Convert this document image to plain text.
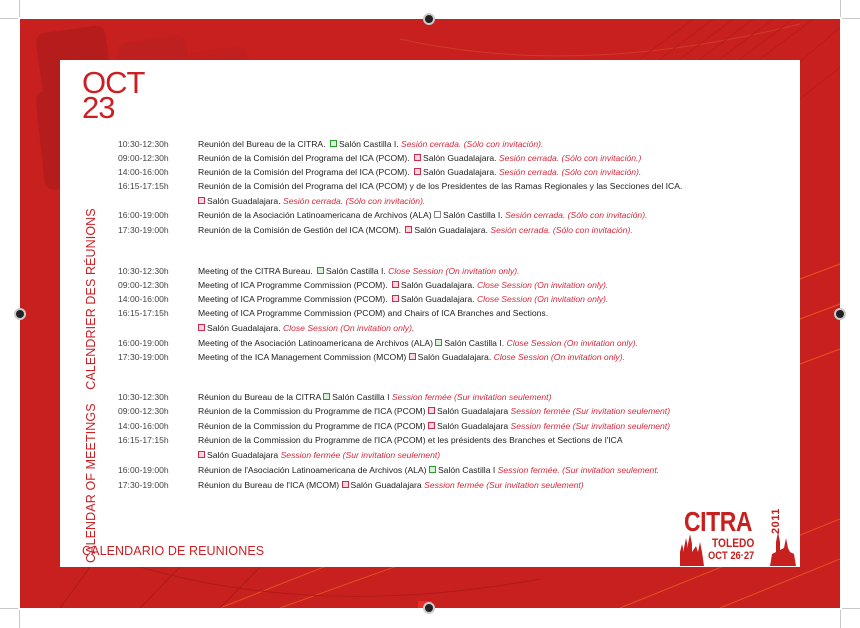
OCT
23
CALENDAR OF MEETINGS CALENDRIER DES RÉUNIONS
CALENDARIO DE REUNIONES
10:30-12:30h	Reunión del Bureau de la CITRA. Salón Castilla I. Sesión cerrada. (Sólo con invitación).
09:00-12:30h	Reunión de la Comisión del Programa del ICA (PCOM). Salón Guadalajara. Sesión cerrada. (Sólo con invitación.)
14:00-16:00h	Reunión de la Comisión del Programa del ICA (PCOM). Salón Guadalajara. Sesión cerrada. (Sólo con invitación).
16:15-17:15h	Reunión de la Comisión del Programa del ICA (PCOM) y de los Presidentes de las Ramas Regionales y las Secciones del ICA.
Salón Guadalajara. Sesión cerrada. (Sólo con invitación).
16:00-19:00h	Reunión de la Asociación Latinoamericana de Archivos (ALA) Salón Castilla I. Sesión cerrada. (Sólo con invitación).
17:30-19:00h	Reunión de la Comisión de Gestión del ICA (MCOM). Salón Guadalajara. Sesión cerrada. (Sólo con invitación).
10:30-12:30h	Meeting of the CITRA Bureau. Salón Castilla I. Close Session (On invitation only).
09:00-12:30h	Meeting of ICA Programme Commission (PCOM). Salón Guadalajara. Close Session (On invitation only).
14:00-16:00h	Meeting of ICA Programme Commission (PCOM). Salón Guadalajara. Close Session (On invitation only).
16:15-17:15h	Meeting of ICA Programme Commission (PCOM) and Chairs of ICA Branches and Sections.
Salón Guadalajara. Close Session (On invitation only).
16:00-19:00h	Meeting of the Asociación Latinoamericana de Archivos (ALA) Salón Castilla I. Close Session (On invitation only).
17:30-19:00h	Meeting of the ICA Management Commission (MCOM) Salón Guadalajara. Close Session (On invitation only).
10:30-12:30h	Réunion du Bureau de la CITRA Salón Castilla I Session fermée (Sur invitation seulement)
09:00-12:30h	Réunion de la Commission du Programme de l'ICA (PCOM) Salón Guadalajara Session fermée (Sur invitation seulement)
14:00-16:00h	Réunion de la Commission du Programme de l'ICA (PCOM) Salón Guadalajara Session fermée (Sur invitation seulement)
16:15-17:15h	Réunion de la Commission du Programme de l'ICA (PCOM) et les présidents des Branches et Sections de l'ICA
Salón Guadalajara Session fermée (Sur invitation seulement)
16:00-19:00h	Réunion de l'Asociación Latinoamericana de Archivos (ALA) Salón Castilla I Session fermée. (Sur invitation seulement.
17:30-19:00h	Réunion du Bureau de l'ICA (MCOM) Salón Guadalajara Session fermée (Sur invitation seulement)
CITRA 2011
TOLEDO
OCT 26·27
